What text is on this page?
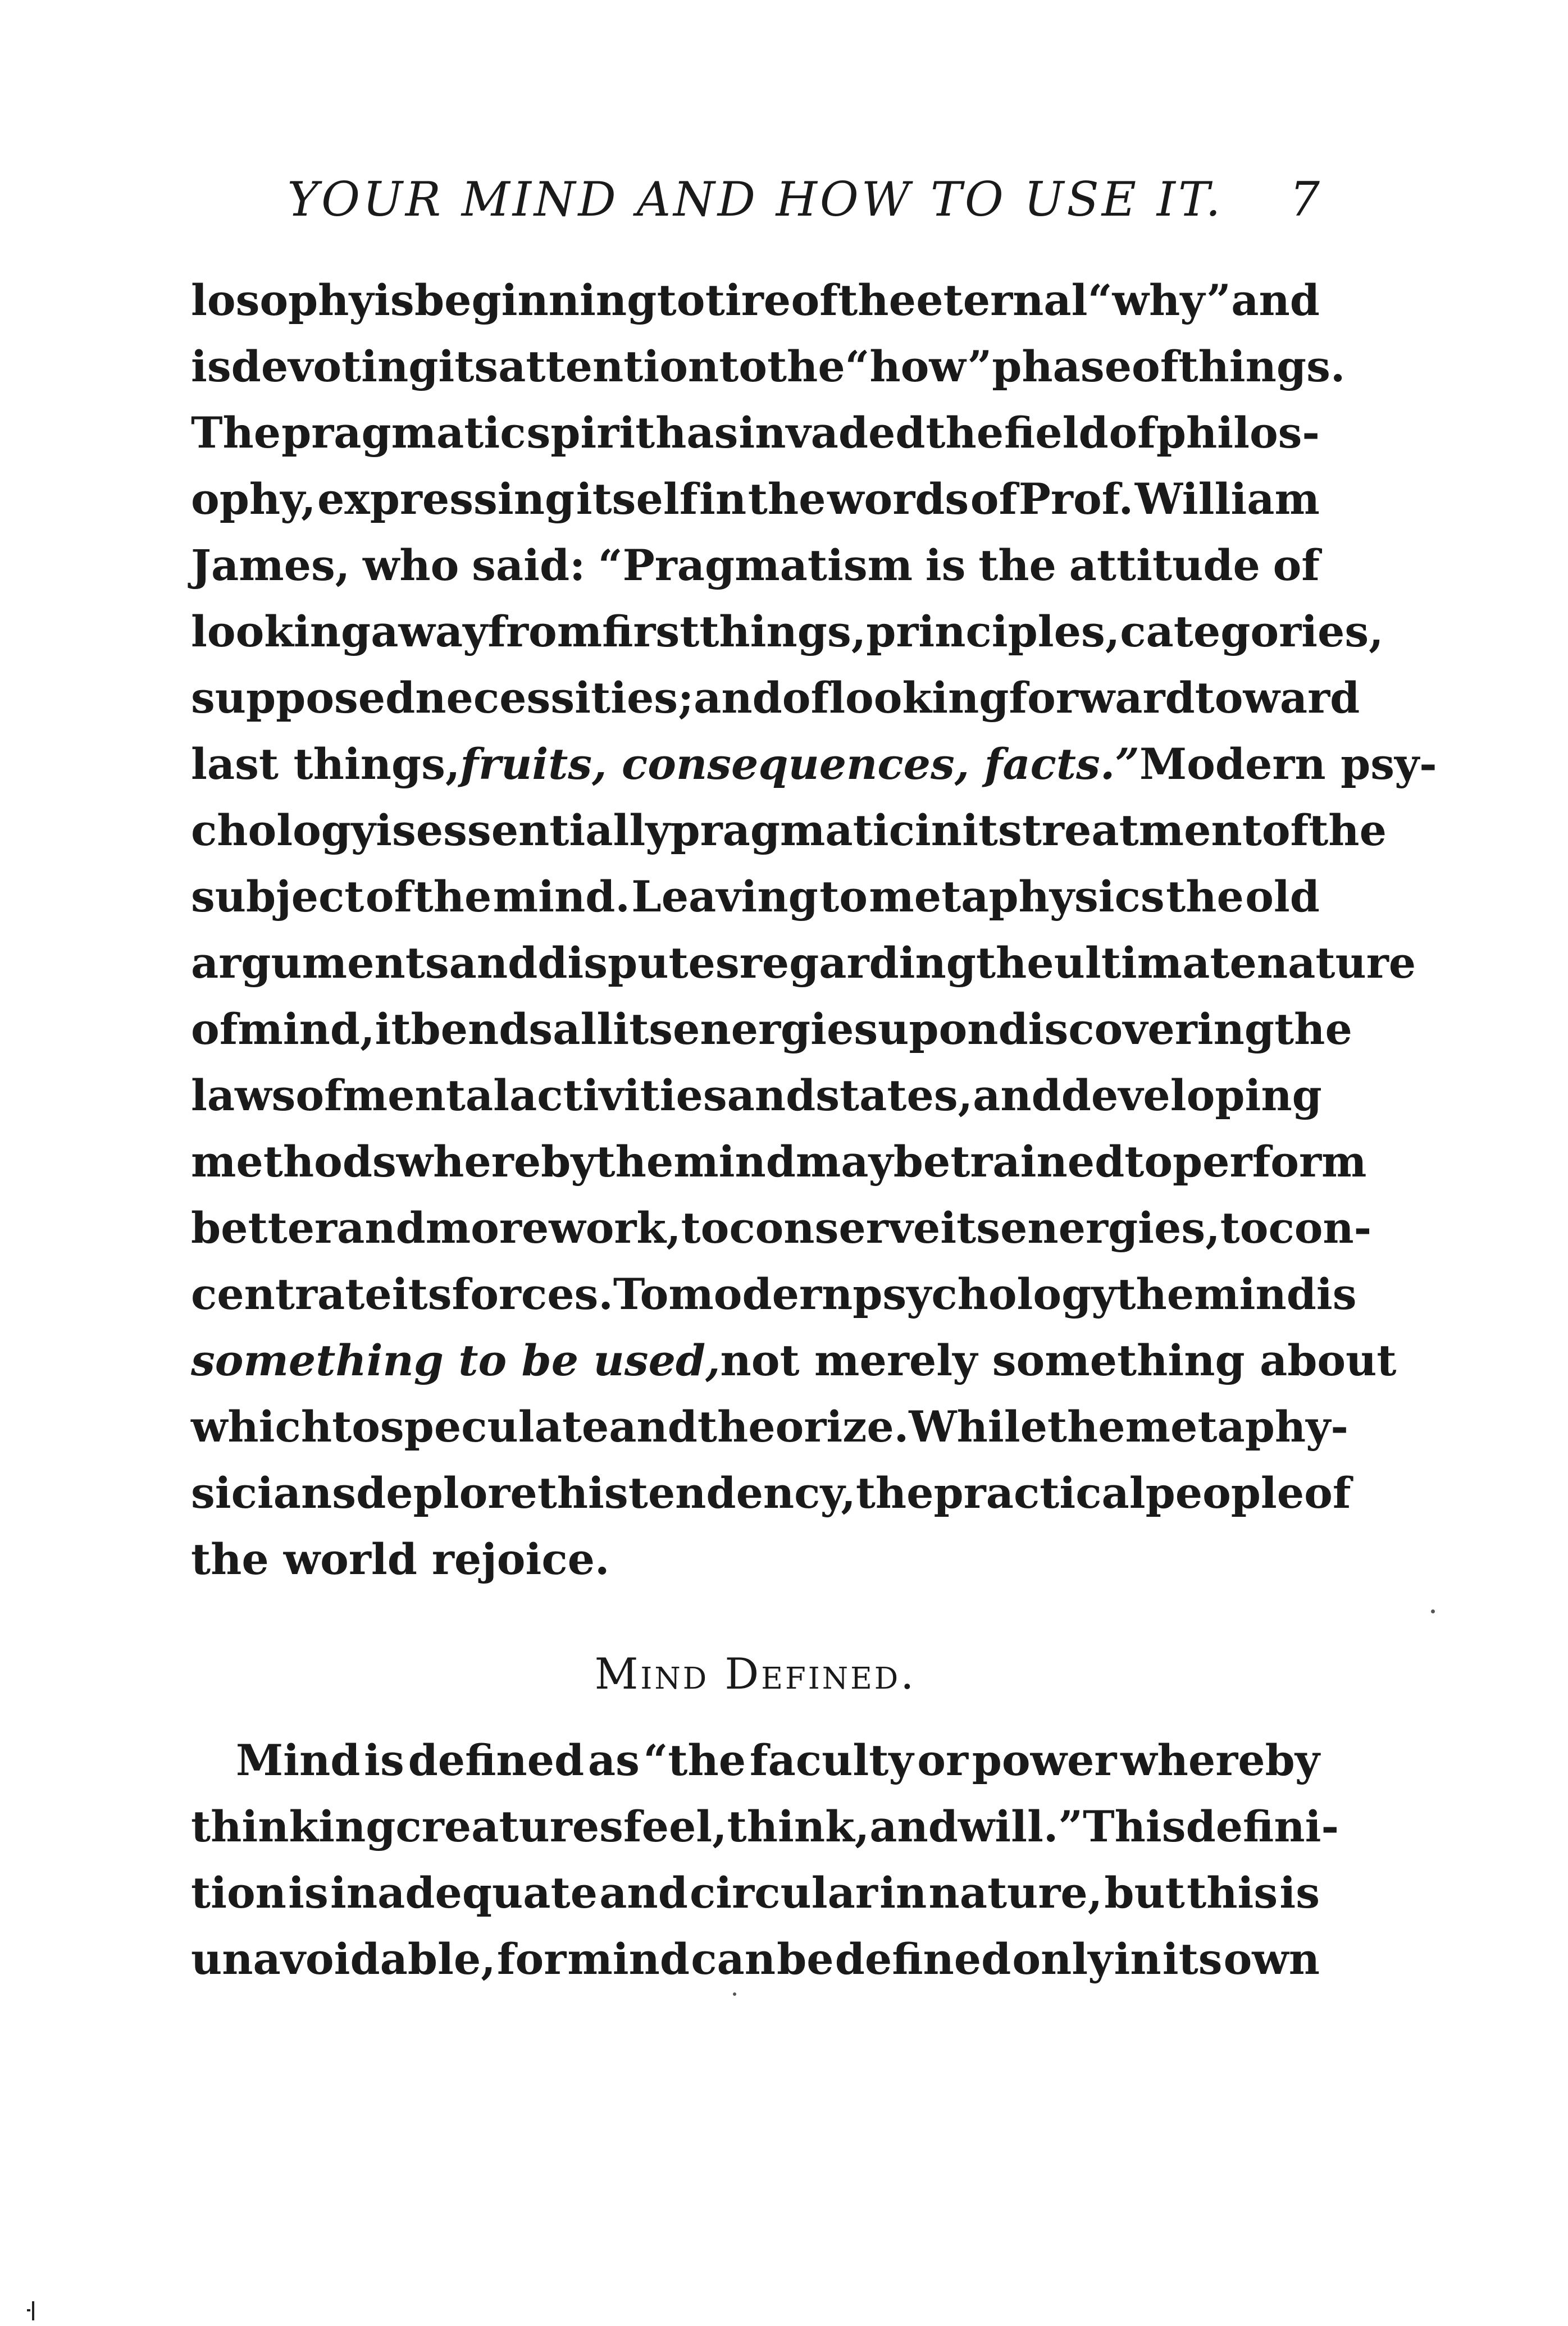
YOUR MIND AND HOW TO USE IT.	7
losophy is beginning to tire of the eternal “why” and
is devoting its attention to the “how” phase of things.
The pragmatic spirit has invaded the field of philos-
ophy, expressing itself in the words of Prof. William
James, who said: “Pragmatism is the attitude of
looking away from first things, principles, categories,
supposed necessities; and of looking forward toward
last things, fruits, consequences, facts.” Modern psy-
chology is essentially pragmatic in its treatment of the
subject of the mind. Leaving to metaphysics the old
arguments and disputes regarding the ultimate nature
of mind, it bends all its energies upon discovering the
laws of mental activities and states, and developing
methods whereby the mind may be trained to perform
better and more work, to conserve its energies, to con-
centrate its forces. To modern psychology the mind is
something to be used, not merely something about
which to speculate and theorize. While the metaphy-
sicians deplore this tendency, the practical people of
the world rejoice.
Mind Defined.
Mind is defined as “the faculty or power whereby
thinking creatures feel, think, and will.” This defini-
tion is inadequate and circular in nature, but this is
unavoidable, for mind can be defined only in its own
